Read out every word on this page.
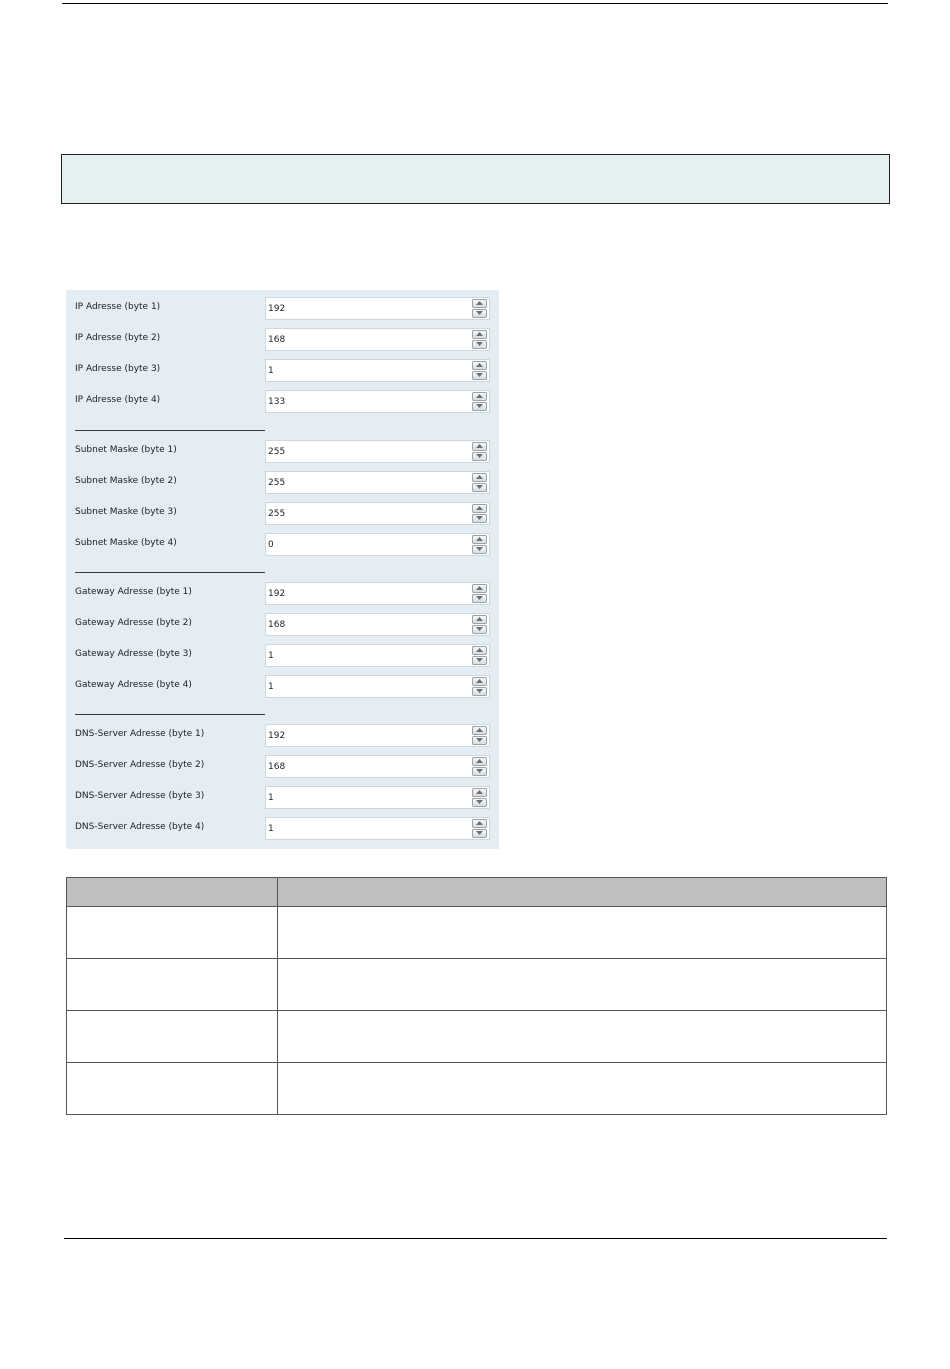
IP Adresse (byte 1)	192
IP Adresse (byte 2)	168
IP Adresse (byte 3)	1
IP Adresse (byte 4)	133
Subnet Maske (byte 1)	255
Subnet Maske (byte 2)	255
Subnet Maske (byte 3)	255
Subnet Maske (byte 4)	0
Gateway Adresse (byte 1)	192
Gateway Adresse (byte 2)	168
Gateway Adresse (byte 3)	1
Gateway Adresse (byte 4)	1
DNS-Server Adresse (byte 1)	192
DNS-Server Adresse (byte 2)	168
DNS-Server Adresse (byte 3)	1
DNS-Server Adresse (byte 4)	1
